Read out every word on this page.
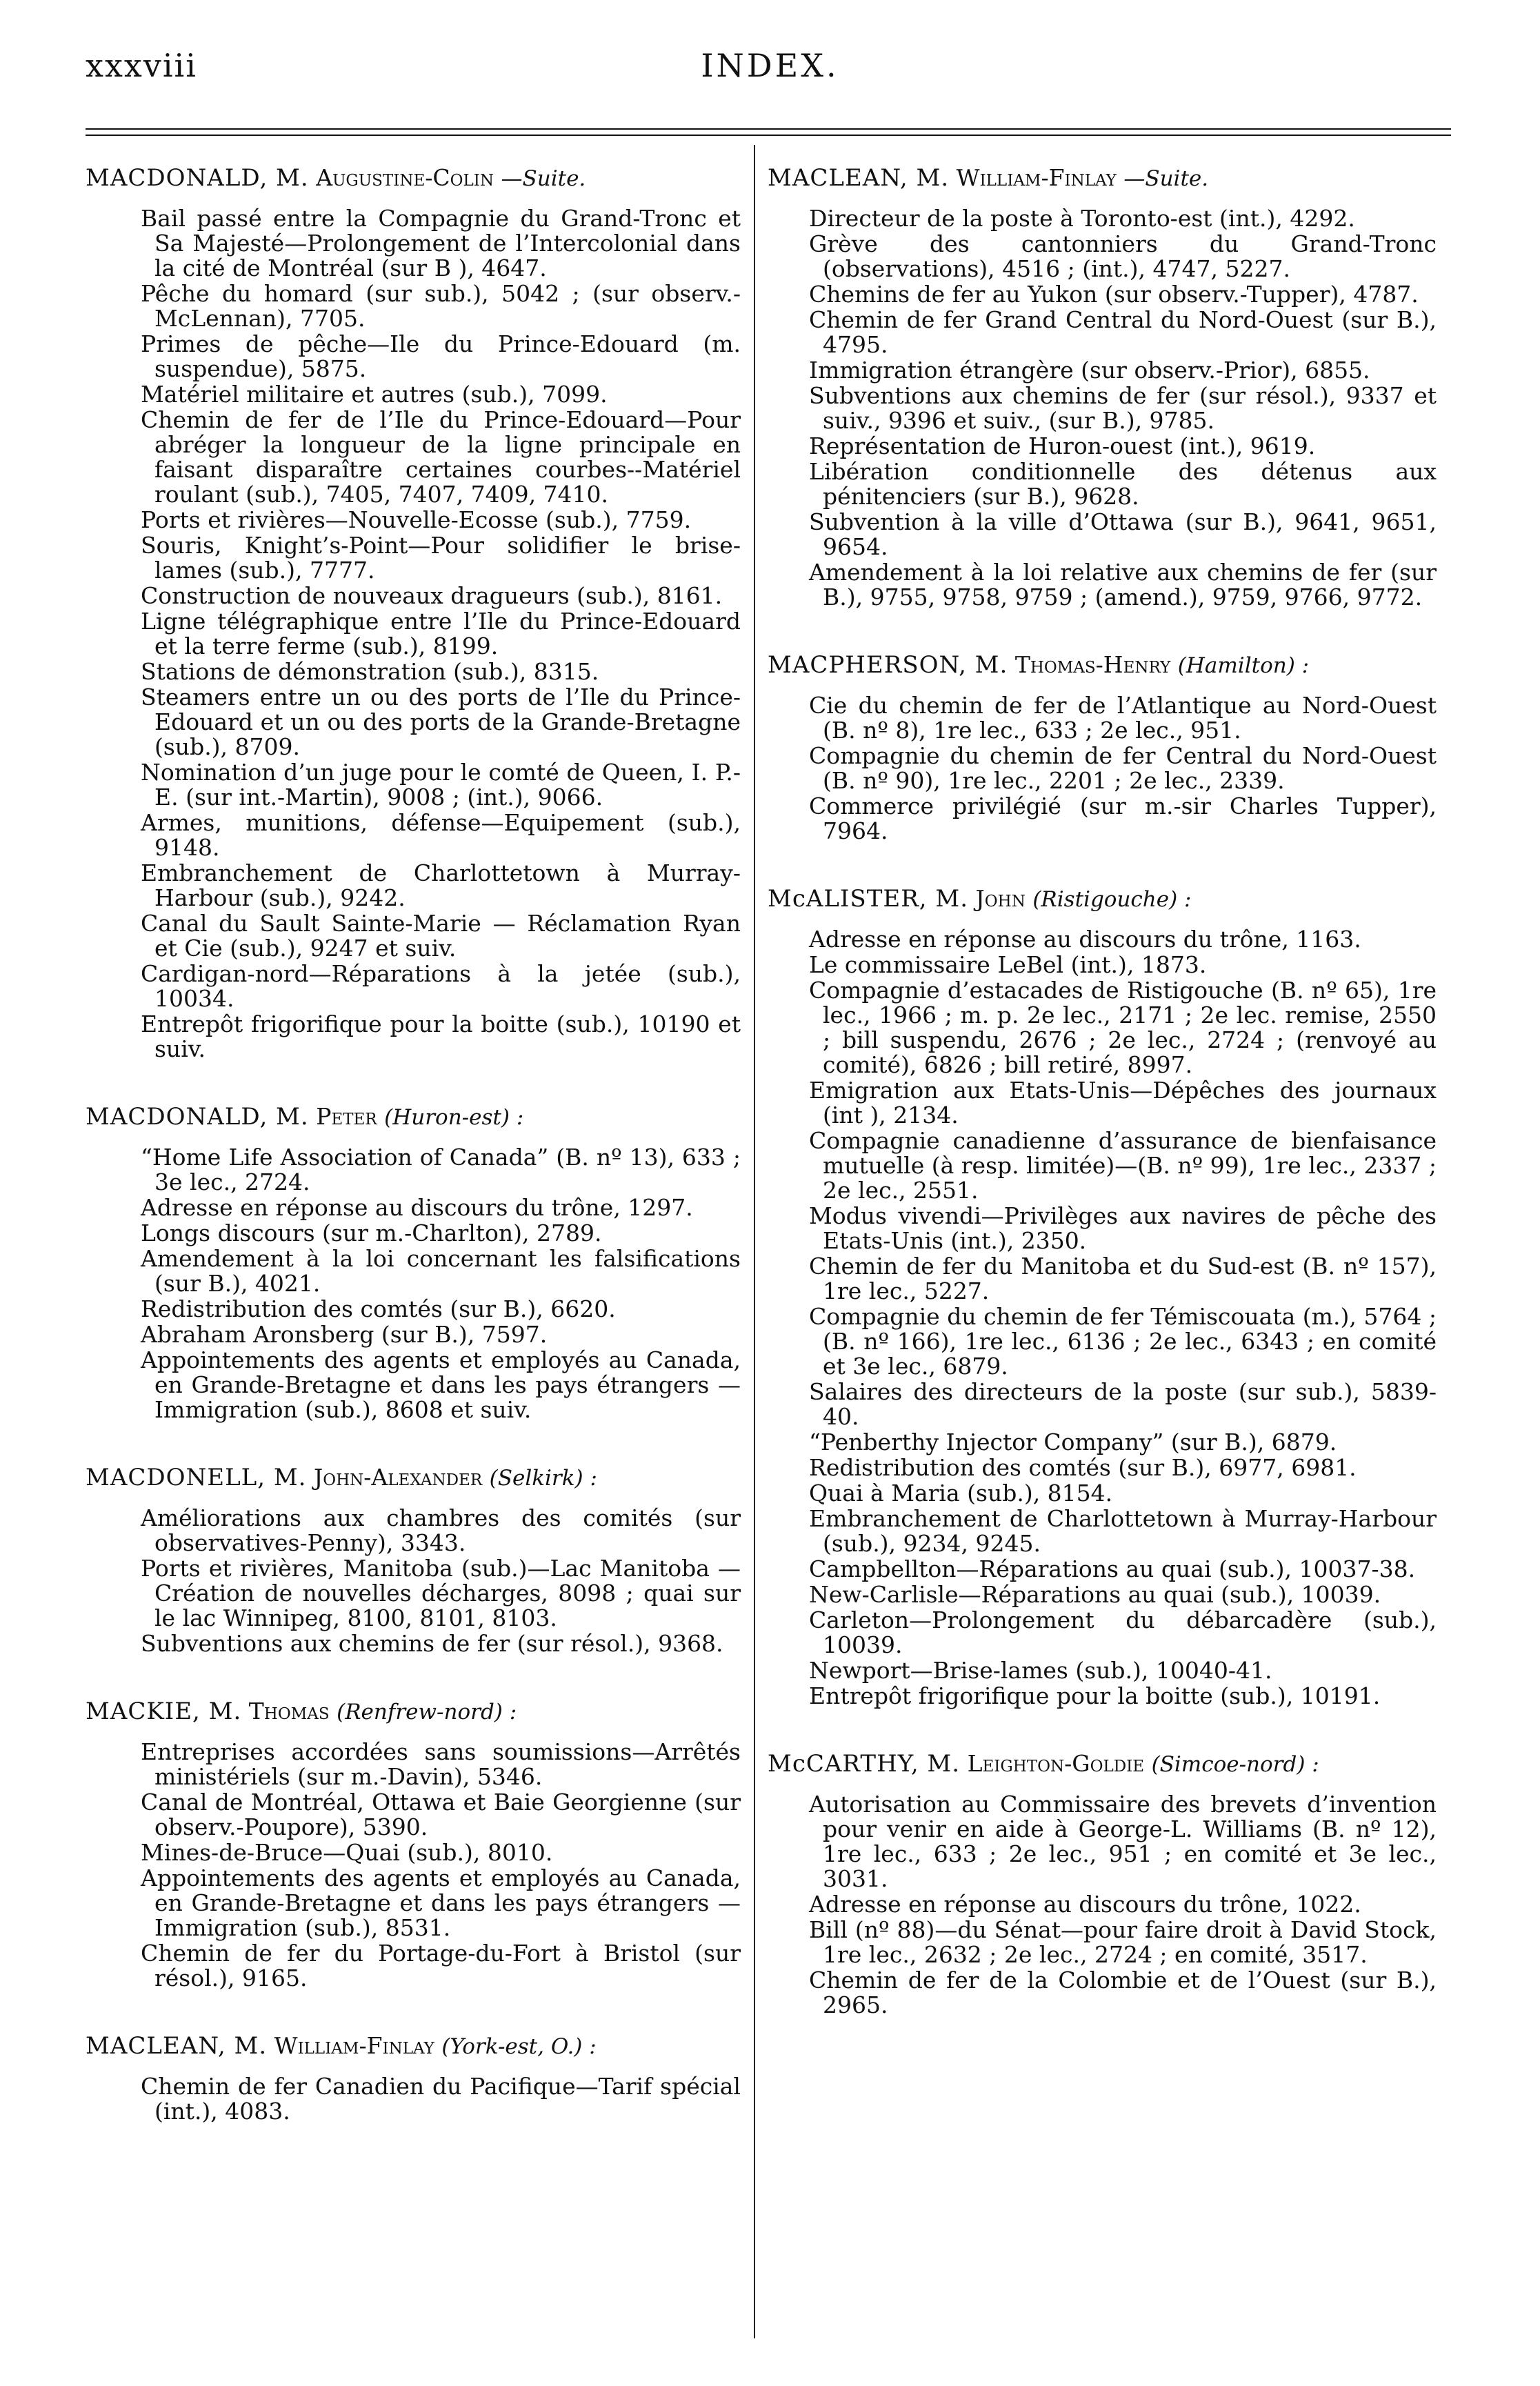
xxxviii	INDEX.
MACDONALD, M. Augustine-Colin —Suite.
Bail passé entre la Compagnie du Grand-Tronc et Sa Majesté—Prolongement de l’Intercolonial dans la cité de Montréal (sur B ), 4647.
Pêche du homard (sur sub.), 5042 ; (sur observ.-McLennan), 7705.
Primes de pêche—Ile du Prince-Edouard (m. suspendue), 5875.
Matériel militaire et autres (sub.), 7099.
Chemin de fer de l’Ile du Prince-Edouard—Pour abréger la longueur de la ligne principale en faisant disparaître certaines courbes--Matériel roulant (sub.), 7405, 7407, 7409, 7410.
Ports et rivières—Nouvelle-Ecosse (sub.), 7759.
Souris, Knight’s-Point—Pour solidifier le brise-lames (sub.), 7777.
Construction de nouveaux dragueurs (sub.), 8161.
Ligne télégraphique entre l’Ile du Prince-Edouard et la terre ferme (sub.), 8199.
Stations de démonstration (sub.), 8315.
Steamers entre un ou des ports de l’Ile du Prince-Edouard et un ou des ports de la Grande-Bretagne (sub.), 8709.
Nomination d’un juge pour le comté de Queen, I. P.-E. (sur int.-Martin), 9008 ; (int.), 9066.
Armes, munitions, défense—Equipement (sub.), 9148.
Embranchement de Charlottetown à Murray-Harbour (sub.), 9242.
Canal du Sault Sainte-Marie — Réclamation Ryan et Cie (sub.), 9247 et suiv.
Cardigan-nord—Réparations à la jetée (sub.), 10034.
Entrepôt frigorifique pour la boitte (sub.), 10190 et suiv.
MACDONALD, M. Peter (Huron-est) :
“Home Life Association of Canada” (B. nº 13), 633 ; 3e lec., 2724.
Adresse en réponse au discours du trône, 1297.
Longs discours (sur m.-Charlton), 2789.
Amendement à la loi concernant les falsifications (sur B.), 4021.
Redistribution des comtés (sur B.), 6620.
Abraham Aronsberg (sur B.), 7597.
Appointements des agents et employés au Canada, en Grande-Bretagne et dans les pays étrangers —Immigration (sub.), 8608 et suiv.
MACDONELL, M. John-Alexander (Selkirk) :
Améliorations aux chambres des comités (sur observatives-Penny), 3343.
Ports et rivières, Manitoba (sub.)—Lac Manitoba —Création de nouvelles décharges, 8098 ; quai sur le lac Winnipeg, 8100, 8101, 8103.
Subventions aux chemins de fer (sur résol.), 9368.
MACKIE, M. Thomas (Renfrew-nord) :
Entreprises accordées sans soumissions—Arrêtés ministériels (sur m.-Davin), 5346.
Canal de Montréal, Ottawa et Baie Georgienne (sur observ.-Poupore), 5390.
Mines-de-Bruce—Quai (sub.), 8010.
Appointements des agents et employés au Canada, en Grande-Bretagne et dans les pays étrangers —Immigration (sub.), 8531.
Chemin de fer du Portage-du-Fort à Bristol (sur résol.), 9165.
MACLEAN, M. William-Finlay (York-est, O.) :
Chemin de fer Canadien du Pacifique—Tarif spécial (int.), 4083.
MACLEAN, M. William-Finlay —Suite.
Directeur de la poste à Toronto-est (int.), 4292.
Grève des cantonniers du Grand-Tronc (observations), 4516 ; (int.), 4747, 5227.
Chemins de fer au Yukon (sur observ.-Tupper), 4787.
Chemin de fer Grand Central du Nord-Ouest (sur B.), 4795.
Immigration étrangère (sur observ.-Prior), 6855.
Subventions aux chemins de fer (sur résol.), 9337 et suiv., 9396 et suiv., (sur B.), 9785.
Représentation de Huron-ouest (int.), 9619.
Libération conditionnelle des détenus aux pénitenciers (sur B.), 9628.
Subvention à la ville d’Ottawa (sur B.), 9641, 9651, 9654.
Amendement à la loi relative aux chemins de fer (sur B.), 9755, 9758, 9759 ; (amend.), 9759, 9766, 9772.
MACPHERSON, M. Thomas-Henry (Hamilton) :
Cie du chemin de fer de l’Atlantique au Nord-Ouest (B. nº 8), 1re lec., 633 ; 2e lec., 951.
Compagnie du chemin de fer Central du Nord-Ouest (B. nº 90), 1re lec., 2201 ; 2e lec., 2339.
Commerce privilégié (sur m.-sir Charles Tupper), 7964.
McALISTER, M. John (Ristigouche) :
Adresse en réponse au discours du trône, 1163.
Le commissaire LeBel (int.), 1873.
Compagnie d’estacades de Ristigouche (B. nº 65), 1re lec., 1966 ; m. p. 2e lec., 2171 ; 2e lec. remise, 2550 ; bill suspendu, 2676 ; 2e lec., 2724 ; (renvoyé au comité), 6826 ; bill retiré, 8997.
Emigration aux Etats-Unis—Dépêches des journaux (int ), 2134.
Compagnie canadienne d’assurance de bienfaisance mutuelle (à resp. limitée)—(B. nº 99), 1re lec., 2337 ; 2e lec., 2551.
Modus vivendi—Privilèges aux navires de pêche des Etats-Unis (int.), 2350.
Chemin de fer du Manitoba et du Sud-est (B. nº 157), 1re lec., 5227.
Compagnie du chemin de fer Témiscouata (m.), 5764 ; (B. nº 166), 1re lec., 6136 ; 2e lec., 6343 ; en comité et 3e lec., 6879.
Salaires des directeurs de la poste (sur sub.), 5839-40.
“Penberthy Injector Company” (sur B.), 6879.
Redistribution des comtés (sur B.), 6977, 6981.
Quai à Maria (sub.), 8154.
Embranchement de Charlottetown à Murray-Harbour (sub.), 9234, 9245.
Campbellton—Réparations au quai (sub.), 10037-38.
New-Carlisle—Réparations au quai (sub.), 10039.
Carleton—Prolongement du débarcadère (sub.), 10039.
Newport—Brise-lames (sub.), 10040-41.
Entrepôt frigorifique pour la boitte (sub.), 10191.
McCARTHY, M. Leighton-Goldie (Simcoe-nord) :
Autorisation au Commissaire des brevets d’invention pour venir en aide à George-L. Williams (B. nº 12), 1re lec., 633 ; 2e lec., 951 ; en comité et 3e lec., 3031.
Adresse en réponse au discours du trône, 1022.
Bill (nº 88)—du Sénat—pour faire droit à David Stock, 1re lec., 2632 ; 2e lec., 2724 ; en comité, 3517.
Chemin de fer de la Colombie et de l’Ouest (sur B.), 2965.
